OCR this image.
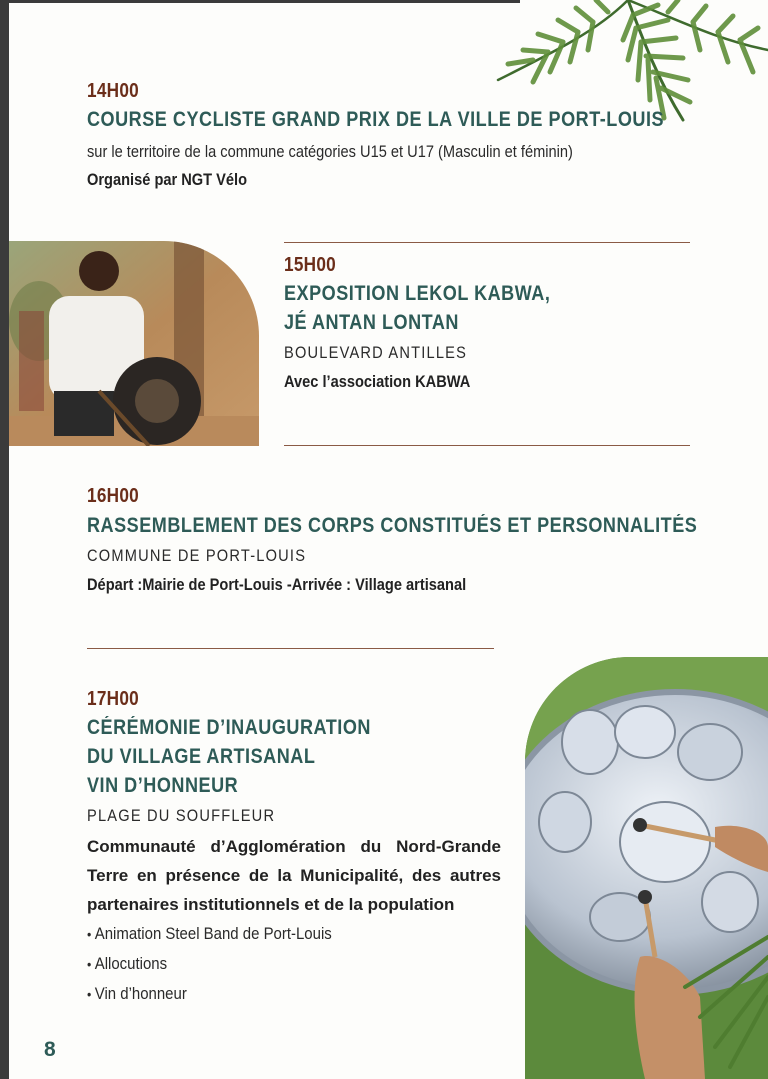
14H00
COURSE CYCLISTE GRAND PRIX DE LA VILLE DE PORT-LOUIS
sur le territoire de la commune catégories U15 et U17 (Masculin et féminin)
Organisé par NGT Vélo
15H00
EXPOSITION LEKOL KABWA,
JÉ ANTAN LONTAN
BOULEVARD ANTILLES
Avec l’association KABWA
16H00
RASSEMBLEMENT DES CORPS CONSTITUÉS ET PERSONNALITÉS
COMMUNE DE PORT-LOUIS
Départ :Mairie de Port-Louis -Arrivée : Village artisanal
17H00
CÉRÉMONIE D’INAUGURATION
DU VILLAGE ARTISANAL
VIN D’HONNEUR
PLAGE DU SOUFFLEUR
Communauté d’Agglomération du Nord-Grande
Terre en présence de la Municipalité, des autres
partenaires institutionnels et de la population
• Animation Steel Band de Port-Louis
• Allocutions
• Vin d’honneur
8
